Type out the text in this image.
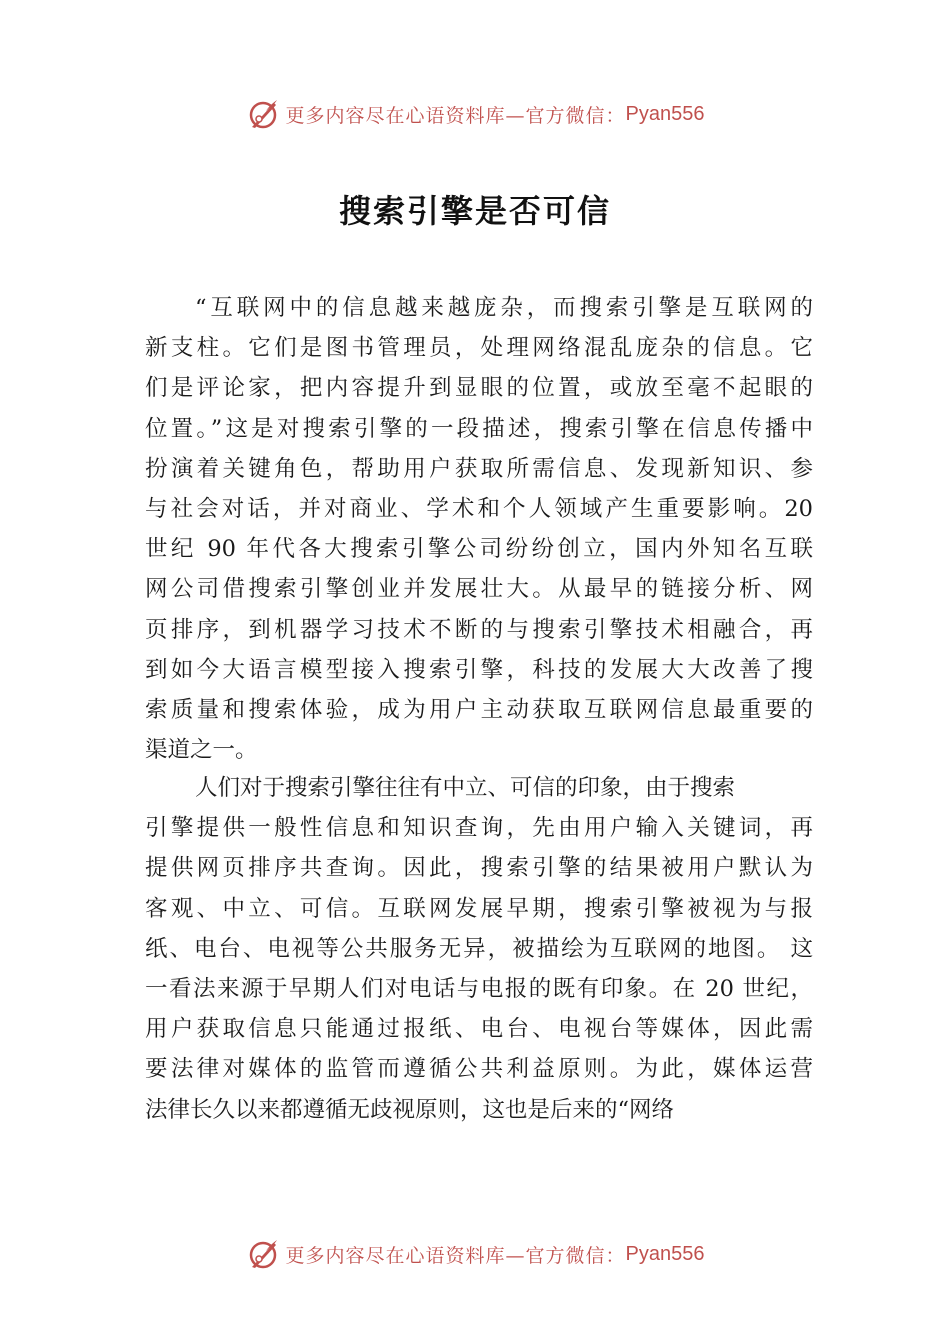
更多内容尽在心语资料库—官方微信： Pyan556
搜索引擎是否可信
“互联网中的信息越来越庞杂，而搜索引擎是互联网的
新支柱。它们是图书管理员，处理网络混乱庞杂的信息。它
们是评论家，把内容提升到显眼的位置，或放至毫不起眼的
位置。”这是对搜索引擎的一段描述，搜索引擎在信息传播中
扮演着关键角色，帮助用户获取所需信息、发现新知识、参
与社会对话，并对商业、学术和个人领域产生重要影响。20
世纪 90 年代各大搜索引擎公司纷纷创立，国内外知名互联
网公司借搜索引擎创业并发展壮大。从最早的链接分析、网
页排序，到机器学习技术不断的与搜索引擎技术相融合，再
到如今大语言模型接入搜索引擎，科技的发展大大改善了搜
索质量和搜索体验，成为用户主动获取互联网信息最重要的
渠道之一。
人们对于搜索引擎往往有中立、可信的印象，由于搜索
引擎提供一般性信息和知识查询，先由用户输入关键词，再
提供网页排序共查询。因此，搜索引擎的结果被用户默认为
客观、中立、可信。互联网发展早期，搜索引擎被视为与报
纸、电台、电视等公共服务无异，被描绘为互联网的地图。 这
一看法来源于早期人们对电话与电报的既有印象。在 20 世纪，
用户获取信息只能通过报纸、电台、电视台等媒体，因此需
要法律对媒体的监管而遵循公共利益原则。为此，媒体运营
法律长久以来都遵循无歧视原则，这也是后来的“网络
更多内容尽在心语资料库—官方微信： Pyan556
